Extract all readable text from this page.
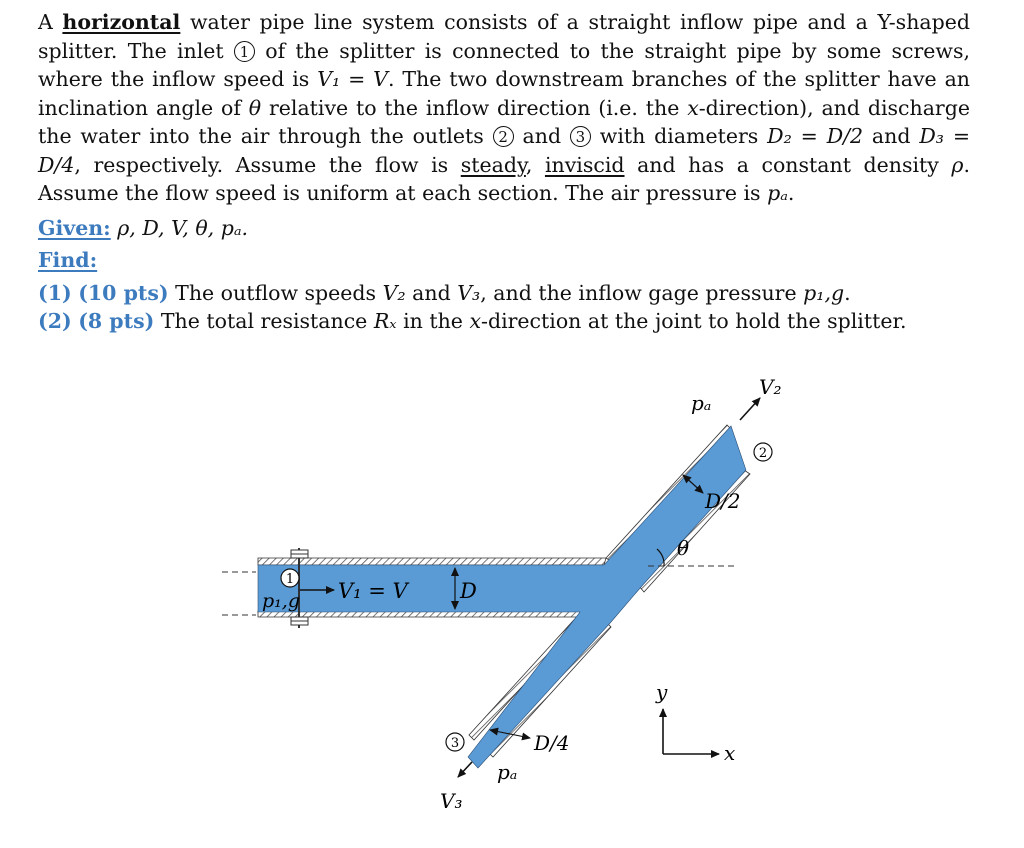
A horizontal water pipe line system consists of a straight inflow pipe and a Y-shaped splitter. The inlet 1 of the splitter is connected to the straight pipe by some screws, where the inflow speed is V₁ = V. The two downstream branches of the splitter have an inclination angle of θ relative to the inflow direction (i.e. the x-direction), and discharge the water into the air through the outlets 2 and 3 with diameters D₂ = D/2 and D₃ = D/4, respectively. Assume the flow is steady, inviscid and has a constant density ρ. Assume the flow speed is uniform at each section. The air pressure is pₐ.

Given: ρ, D, V, θ, pₐ.

Find:

(1) (10 pts) The outflow speeds V₂ and V₃, and the inflow gage pressure p₁,g.

(2) (8 pts) The total resistance Rₓ in the x-direction at the joint to hold the splitter.

1 V₁ = V
p₁,g	D
θ
D/2
2
V₂
pₐ
3
V₃
pₐ
D/4
y
x
